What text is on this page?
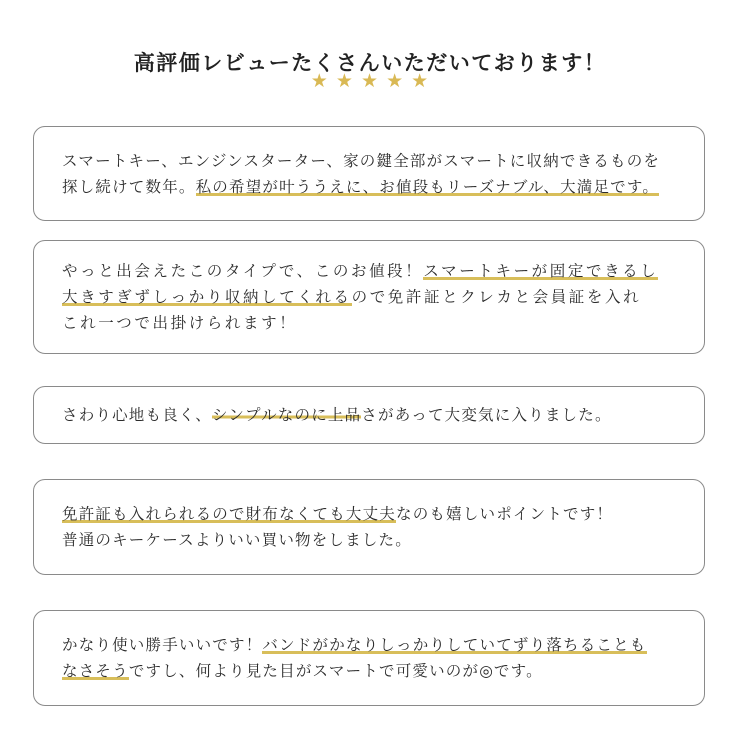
高評価レビューたくさんいただいております！
★ ★ ★ ★ ★

スマートキー、エンジンスターター、家の鍵全部がスマートに収納できるものを

探し続けて数年。私の希望が叶ううえに、お値段もリーズナブル、大満足です。

やっと出会えたこのタイプで、このお値段！スマートキーが固定できるし

大きすぎずしっかり収納してくれるので免許証とクレカと会員証を入れ

これ一つで出掛けられます！

さわり心地も良く、シンプルなのに上品さがあって大変気に入りました。

免許証も入れられるので財布なくても大丈夫なのも嬉しいポイントです！

普通のキーケースよりいい買い物をしました。

かなり使い勝手いいです！バンドがかなりしっかりしていてずり落ちることも

なさそうですし、何より見た目がスマートで可愛いのが◎です。
